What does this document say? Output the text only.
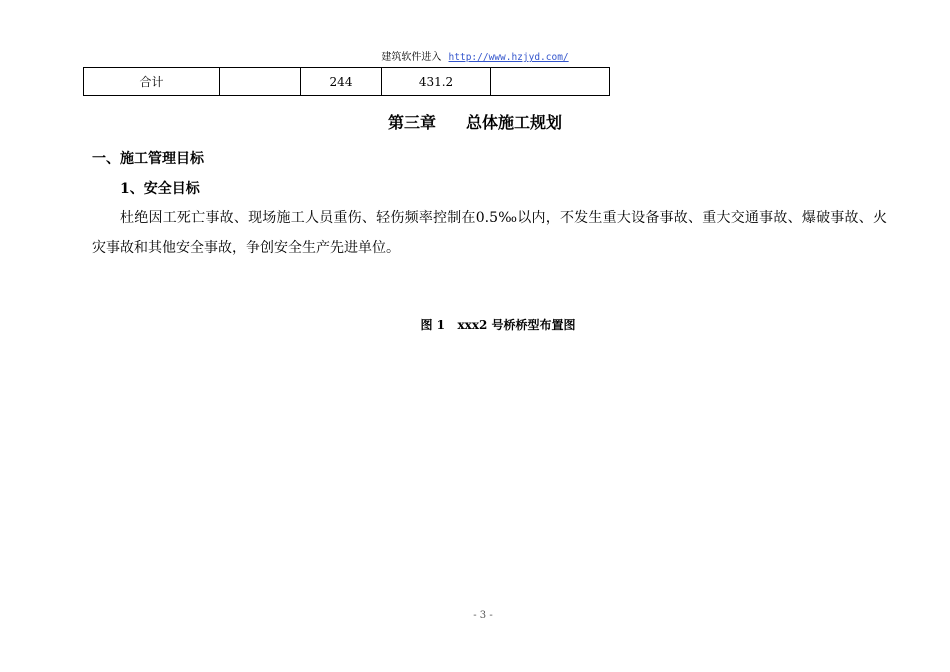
建筑软件进入 http://www.hzjyd.com/
合计		244	431.2	
第三章 总体施工规划
一、施工管理目标
1、安全目标
杜绝因工死亡事故、现场施工人员重伤、轻伤频率控制在0.5‰以内，不发生重大设备事故、重大交通事故、爆破事故、火灾事故和其他安全事故，争创安全生产先进单位。
图 1   xxx2 号桥桥型布置图
- 3 -
